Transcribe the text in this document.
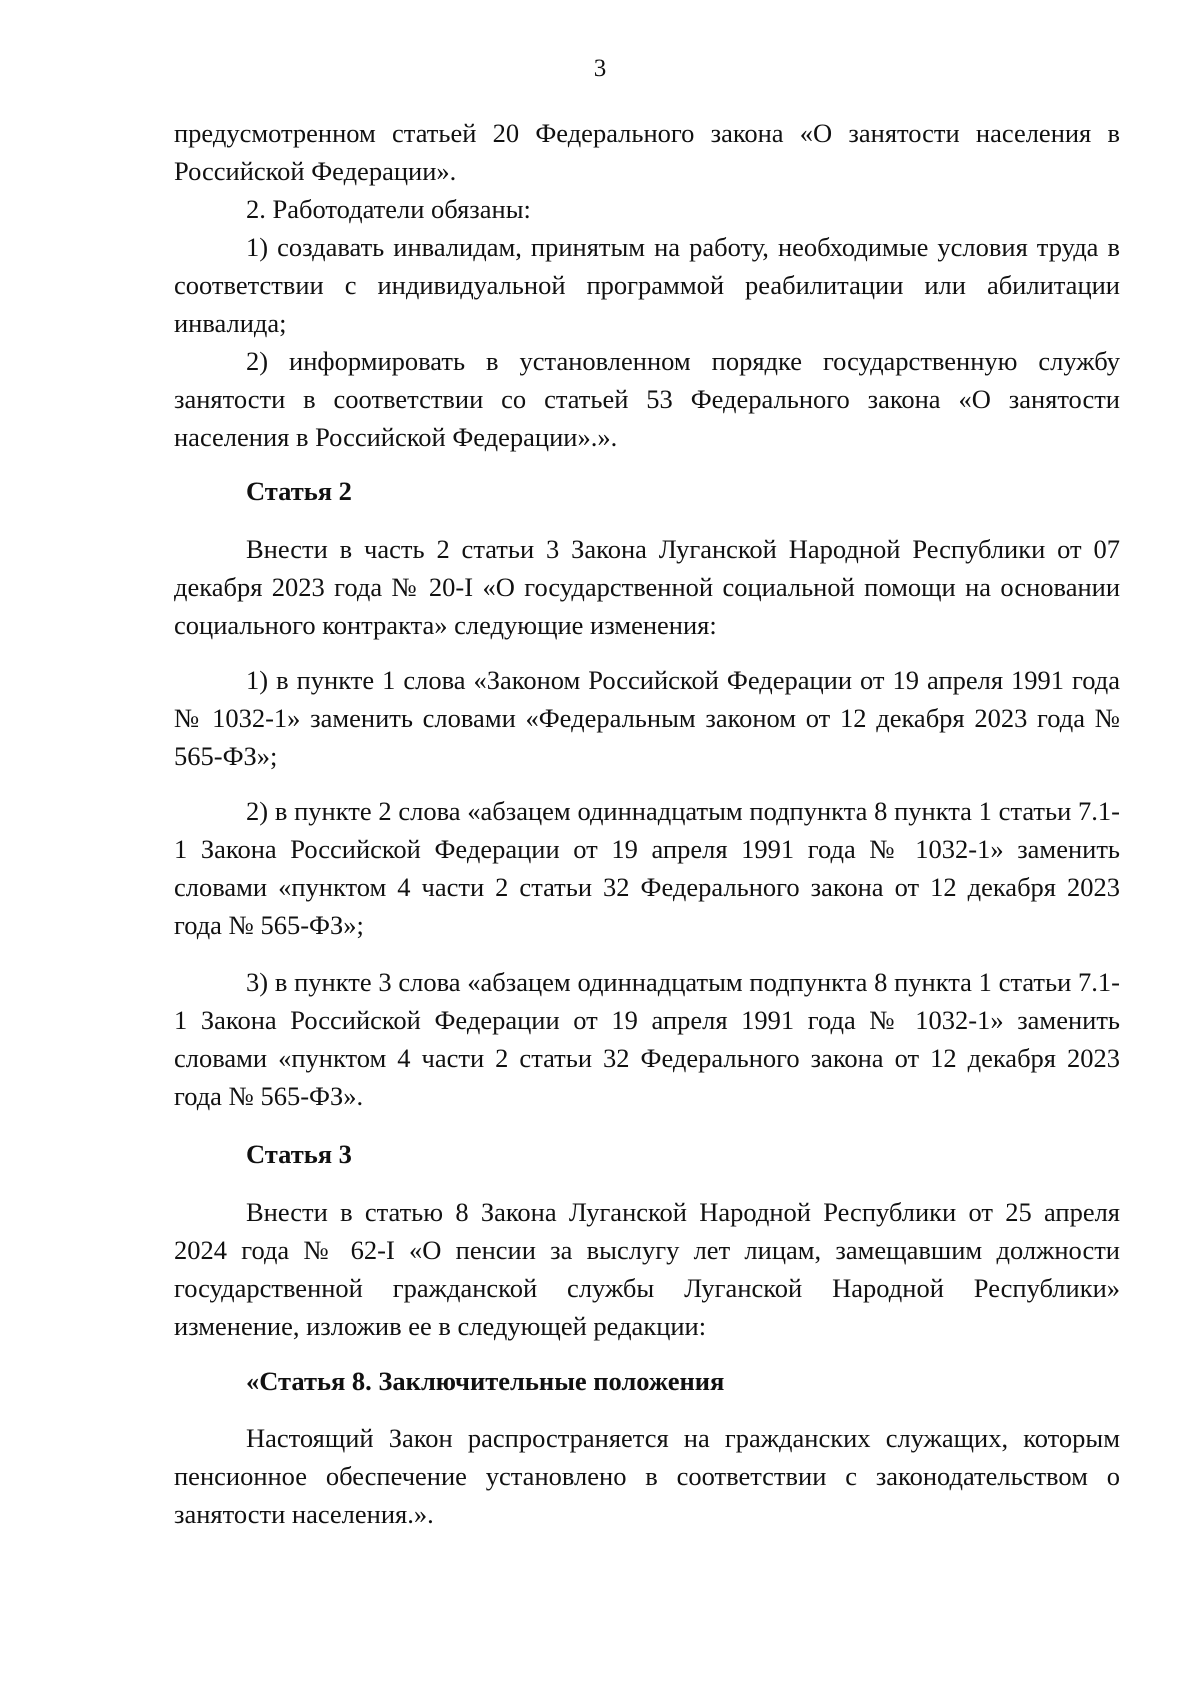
3

предусмотренном статьей 20 Федерального закона «О занятости населения в Российской Федерации».

2. Работодатели обязаны:

1) создавать инвалидам, принятым на работу, необходимые условия труда в соответствии с индивидуальной программой реабилитации или абилитации инвалида;

2) информировать в установленном порядке государственную службу занятости в соответствии со статьей 53 Федерального закона «О занятости населения в Российской Федерации».».

Статья 2

Внести в часть 2 статьи 3 Закона Луганской Народной Республики от 07 декабря 2023 года № 20-I «О государственной социальной помощи на основании социального контракта» следующие изменения:

1) в пункте 1 слова «Законом Российской Федерации от 19 апреля 1991 года № 1032-1» заменить словами «Федеральным законом от 12 декабря 2023 года № 565-ФЗ»;

2) в пункте 2 слова «абзацем одиннадцатым подпункта 8 пункта 1 статьи 7.1-1 Закона Российской Федерации от 19 апреля 1991 года № 1032-1» заменить словами «пунктом 4 части 2 статьи 32 Федерального закона от 12 декабря 2023 года № 565-ФЗ»;

3) в пункте 3 слова «абзацем одиннадцатым подпункта 8 пункта 1 статьи 7.1-1 Закона Российской Федерации от 19 апреля 1991 года № 1032-1» заменить словами «пунктом 4 части 2 статьи 32 Федерального закона от 12 декабря 2023 года № 565-ФЗ».

Статья 3

Внести в статью 8 Закона Луганской Народной Республики от 25 апреля 2024 года № 62-I «О пенсии за выслугу лет лицам, замещавшим должности государственной гражданской службы Луганской Народной Республики» изменение, изложив ее в следующей редакции:

«Статья 8. Заключительные положения

Настоящий Закон распространяется на гражданских служащих, которым пенсионное обеспечение установлено в соответствии с законодательством о занятости населения.».
